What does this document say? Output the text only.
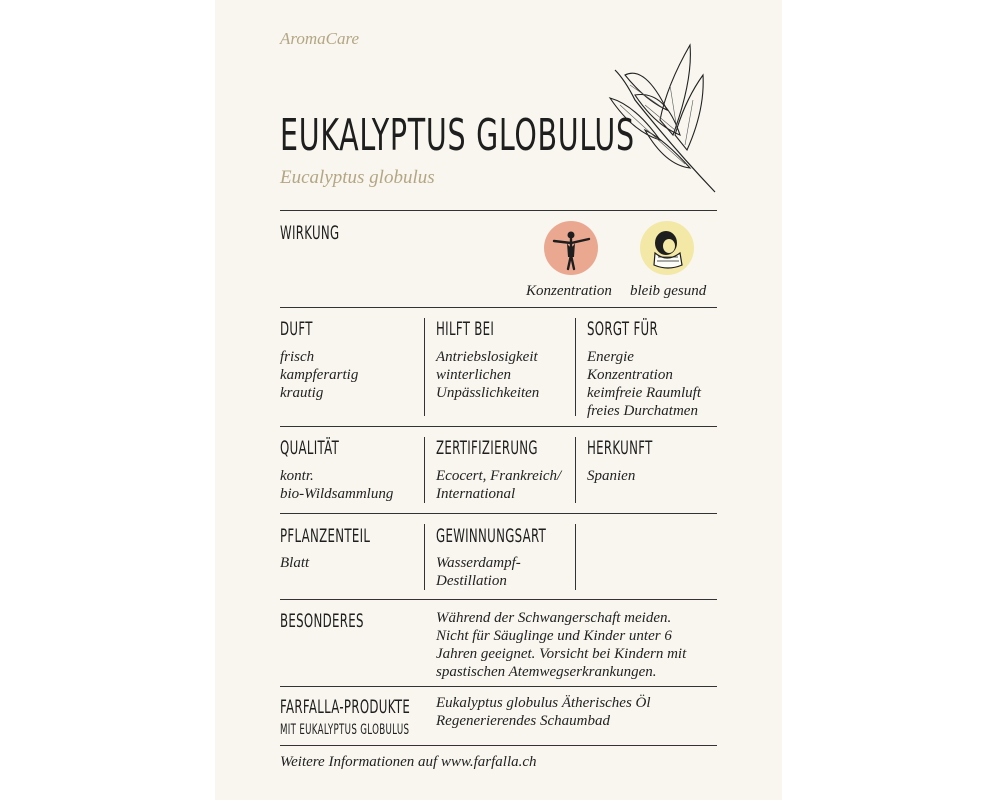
AromaCare
EUKALYPTUS GLOBULUS
Eucalyptus globulus
WIRKUNG
Konzentration bleib gesund
DUFT
frisch
kampferartig
krautig
HILFT BEI
Antriebslosigkeit
winterlichen
Unpässlichkeiten
SORGT FÜR
Energie
Konzentration
keimfreie Raumluft
freies Durchatmen
QUALITÄT
kontr.
bio-Wildsammlung
ZERTIFIZIERUNG
Ecocert, Frankreich/
International
HERKUNFT
Spanien
PFLANZENTEIL
Blatt
GEWINNUNGSART
Wasserdampf-
Destillation
BESONDERES	Während der Schwangerschaft meiden.
Nicht für Säuglinge und Kinder unter 6
Jahren geeignet. Vorsicht bei Kindern mit
spastischen Atemwegserkrankungen.
FARFALLA-PRODUKTE
MIT EUKALYPTUS GLOBULUS
Eukalyptus globulus Ätherisches Öl
Regenerierendes Schaumbad
Weitere Informationen auf www.farfalla.ch
